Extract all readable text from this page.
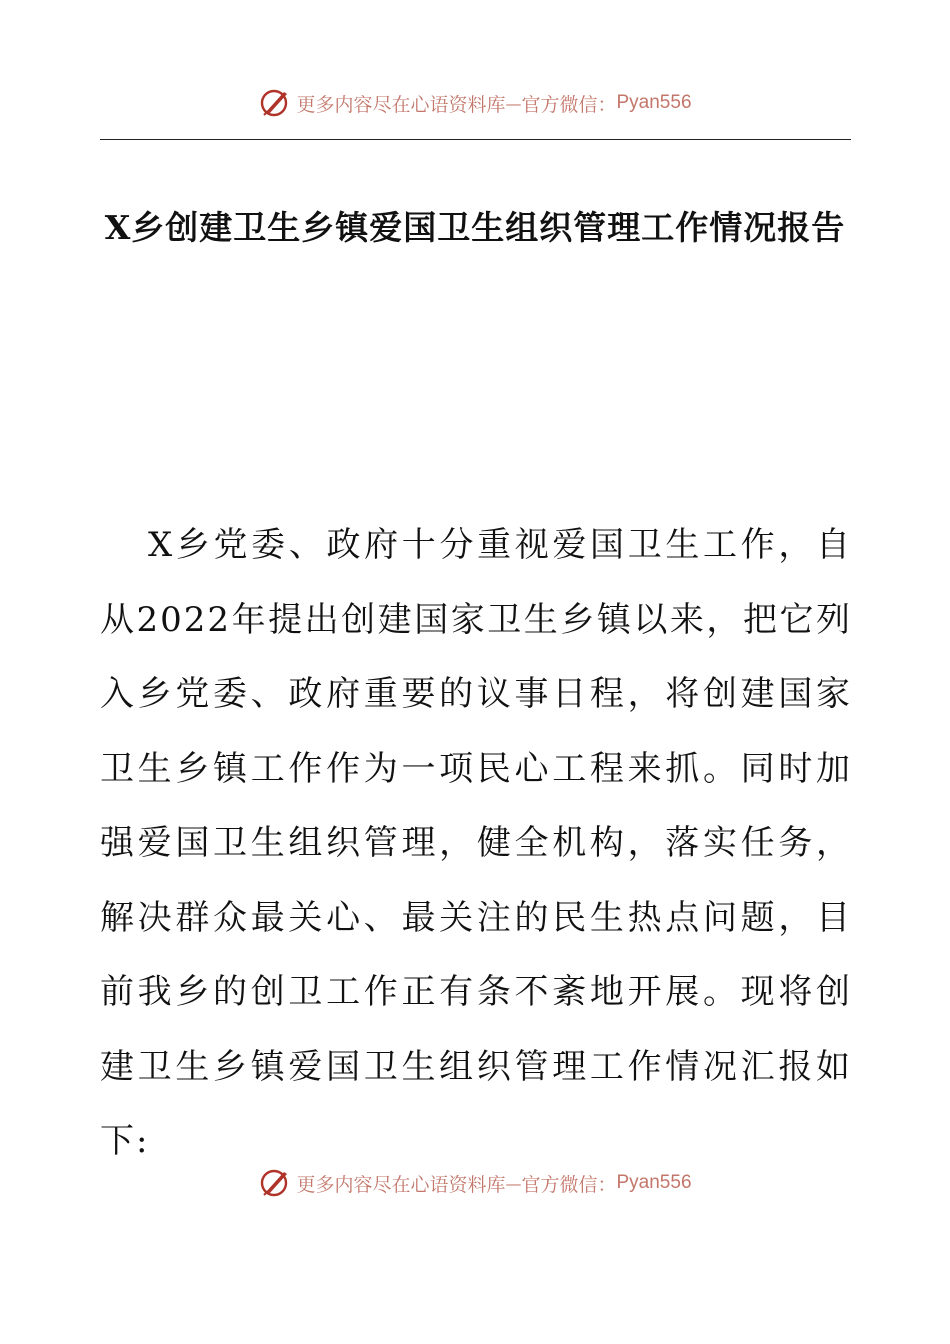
更多内容尽在心语资料库 — 官方微信： Pyan556
X乡创建卫生乡镇爱国卫生组织管理工作情况报告

X乡党委、政府十分重视爱国卫生工作，自从2022年提出创建国家卫生乡镇以来，把它列入乡党委、政府重要的议事日程，将创建国家卫生乡镇工作作为一项民心工程来抓。同时加强爱国卫生组织管理，健全机构，落实任务，解决群众最关心、最关注的民生热点问题，目前我乡的创卫工作正有条不紊地开展。现将创建卫生乡镇爱国卫生组织管理工作情况汇报如下:

更多内容尽在心语资料库 — 官方微信： Pyan556
